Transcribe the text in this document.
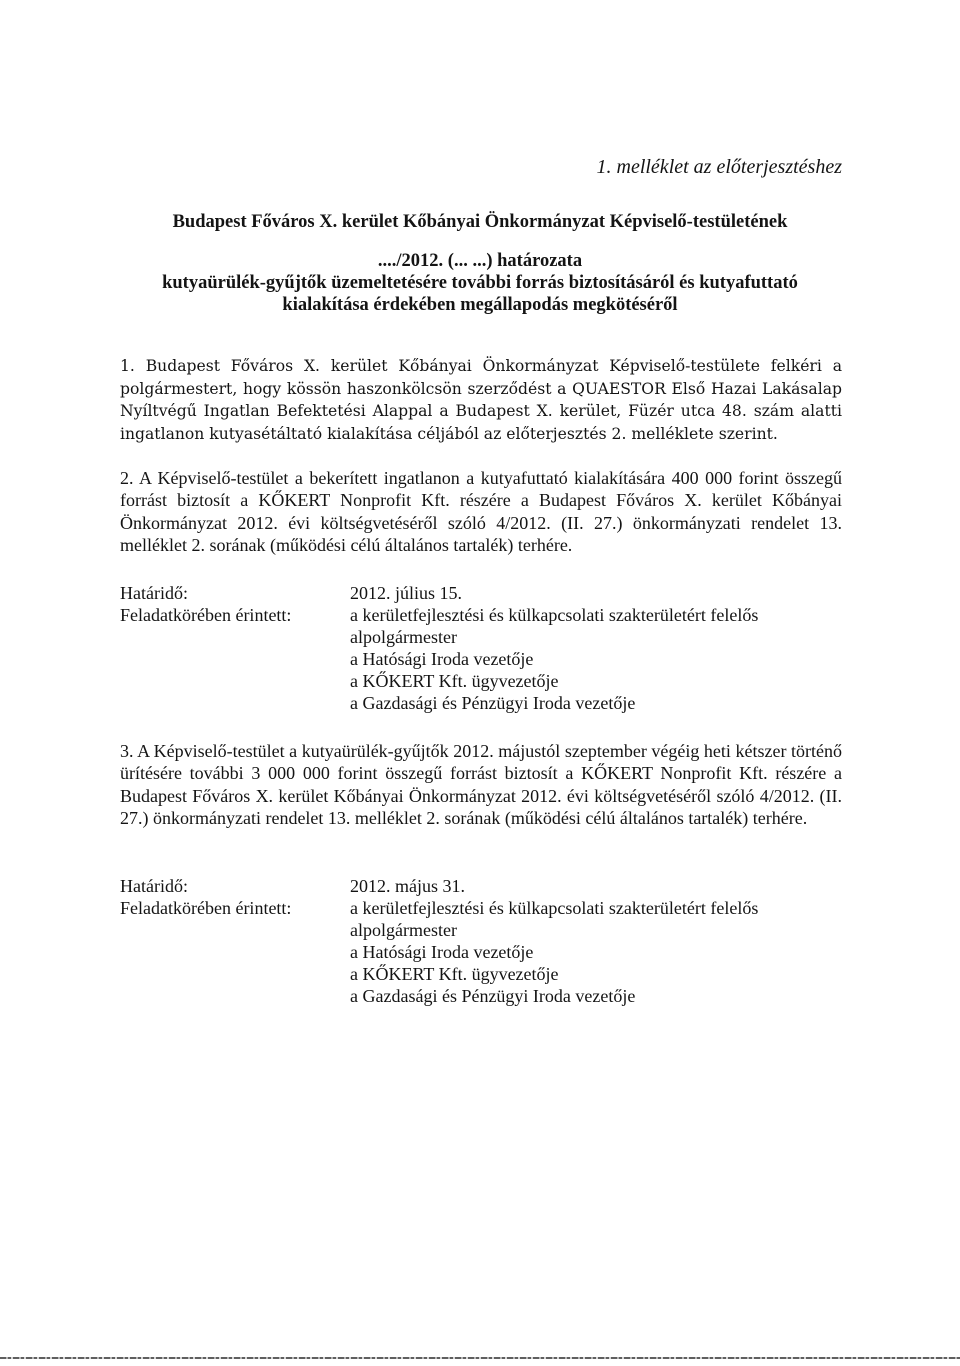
1. melléklet az előterjesztéshez
Budapest Főváros X. kerület Kőbányai Önkormányzat Képviselő-testületének
..../2012. (... ...) határozata
kutyaürülék-gyűjtők üzemeltetésére további forrás biztosításáról és kutyafuttató
kialakítása érdekében megállapodás megkötéséről
1. Budapest Főváros X. kerület Kőbányai Önkormányzat Képviselő-testülete felkéri a polgármestert, hogy kössön haszonkölcsön szerződést a QUAESTOR Első Hazai Lakásalap Nyíltvégű Ingatlan Befektetési Alappal a Budapest X. kerület, Füzér utca 48. szám alatti ingatlanon kutyasétáltató kialakítása céljából az előterjesztés 2. melléklete szerint.
2. A Képviselő-testület a bekerített ingatlanon a kutyafuttató kialakítására 400 000 forint összegű forrást biztosít a KŐKERT Nonprofit Kft. részére a Budapest Főváros X. kerület Kőbányai Önkormányzat 2012. évi költségvetéséről szóló 4/2012. (II. 27.) önkormányzati rendelet 13. melléklet 2. sorának (működési célú általános tartalék) terhére.
Határidő:	2012. július 15.
Feladatkörében érintett:	a kerületfejlesztési és külkapcsolati szakterületért felelős
alpolgármester
a Hatósági Iroda vezetője
a KŐKERT Kft. ügyvezetője
a Gazdasági és Pénzügyi Iroda vezetője
3. A Képviselő-testület a kutyaürülék-gyűjtők 2012. májustól szeptember végéig heti kétszer történő ürítésére további 3 000 000 forint összegű forrást biztosít a KŐKERT Nonprofit Kft. részére a Budapest Főváros X. kerület Kőbányai Önkormányzat 2012. évi költségvetéséről szóló 4/2012. (II. 27.) önkormányzati rendelet 13. melléklet 2. sorának (működési célú általános tartalék) terhére.
Határidő:	2012. május 31.
Feladatkörében érintett:	a kerületfejlesztési és külkapcsolati szakterületért felelős
alpolgármester
a Hatósági Iroda vezetője
a KŐKERT Kft. ügyvezetője
a Gazdasági és Pénzügyi Iroda vezetője
